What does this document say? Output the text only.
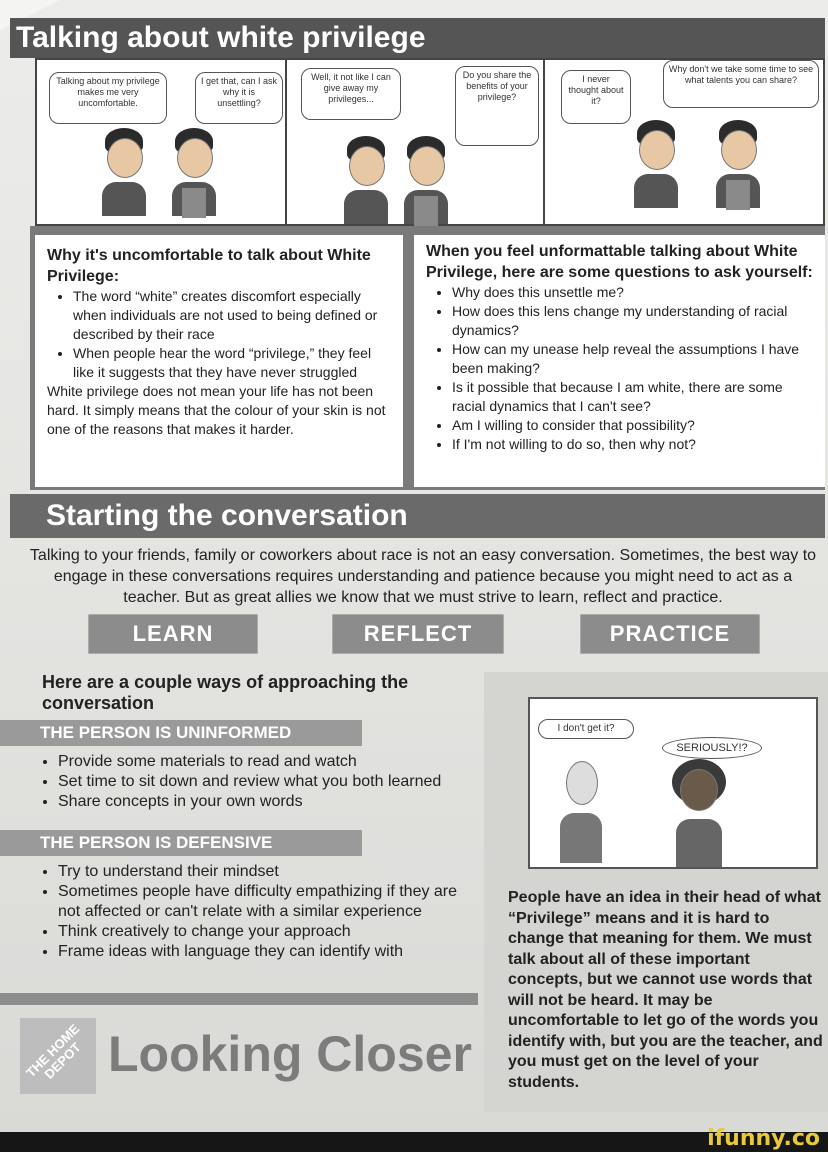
Talking about white privilege
Talking about my privilege makes me very uncomfortable.
I get that, can I ask why it is unsettling?
Well, it not like I can give away my privileges...
Do you share the benefits of your privilege?
I never thought about it?
Why don't we take some time to see what talents you can share?
Why it's uncomfortable to talk about White Privilege:
• The word “white” creates discomfort especially when individuals are not used to being defined or described by their race
• When people hear the word “privilege,” they feel like it suggests that they have never struggled
White privilege does not mean your life has not been hard. It simply means that the colour of your skin is not one of the reasons that makes it harder.
When you feel unformattable talking about White Privilege, here are some questions to ask yourself:
• Why does this unsettle me?
• How does this lens change my understanding of racial dynamics?
• How can my unease help reveal the assumptions I have been making?
• Is it possible that because I am white, there are some racial dynamics that I can't see?
• Am I willing to consider that possibility?
• If I'm not willing to do so, then why not?
Starting the conversation
Talking to your friends, family or coworkers about race is not an easy conversation. Sometimes, the best way to engage in these conversations requires understanding and patience because you might need to act as a teacher. But as great allies we know that we must strive to learn, reflect and practice.
LEARN	REFLECT	PRACTICE
Here are a couple ways of approaching the conversation
THE PERSON IS UNINFORMED
• Provide some materials to read and watch
• Set time to sit down and review what you both learned
• Share concepts in your own words
THE PERSON IS DEFENSIVE
• Try to understand their mindset
• Sometimes people have difficulty empathizing if they are not affected or can't relate with a similar experience
• Think creatively to change your approach
• Frame ideas with language they can identify with
I don't get it?
SERIOUSLY!?
People have an idea in their head of what “Privilege” means and it is hard to change that meaning for them. We must talk about all of these important concepts, but we cannot use words that will not be heard. It may be uncomfortable to let go of the words you identify with, but you are the teacher, and you must get on the level of your students.
THE HOME DEPOT Looking Closer
ifunny.co
